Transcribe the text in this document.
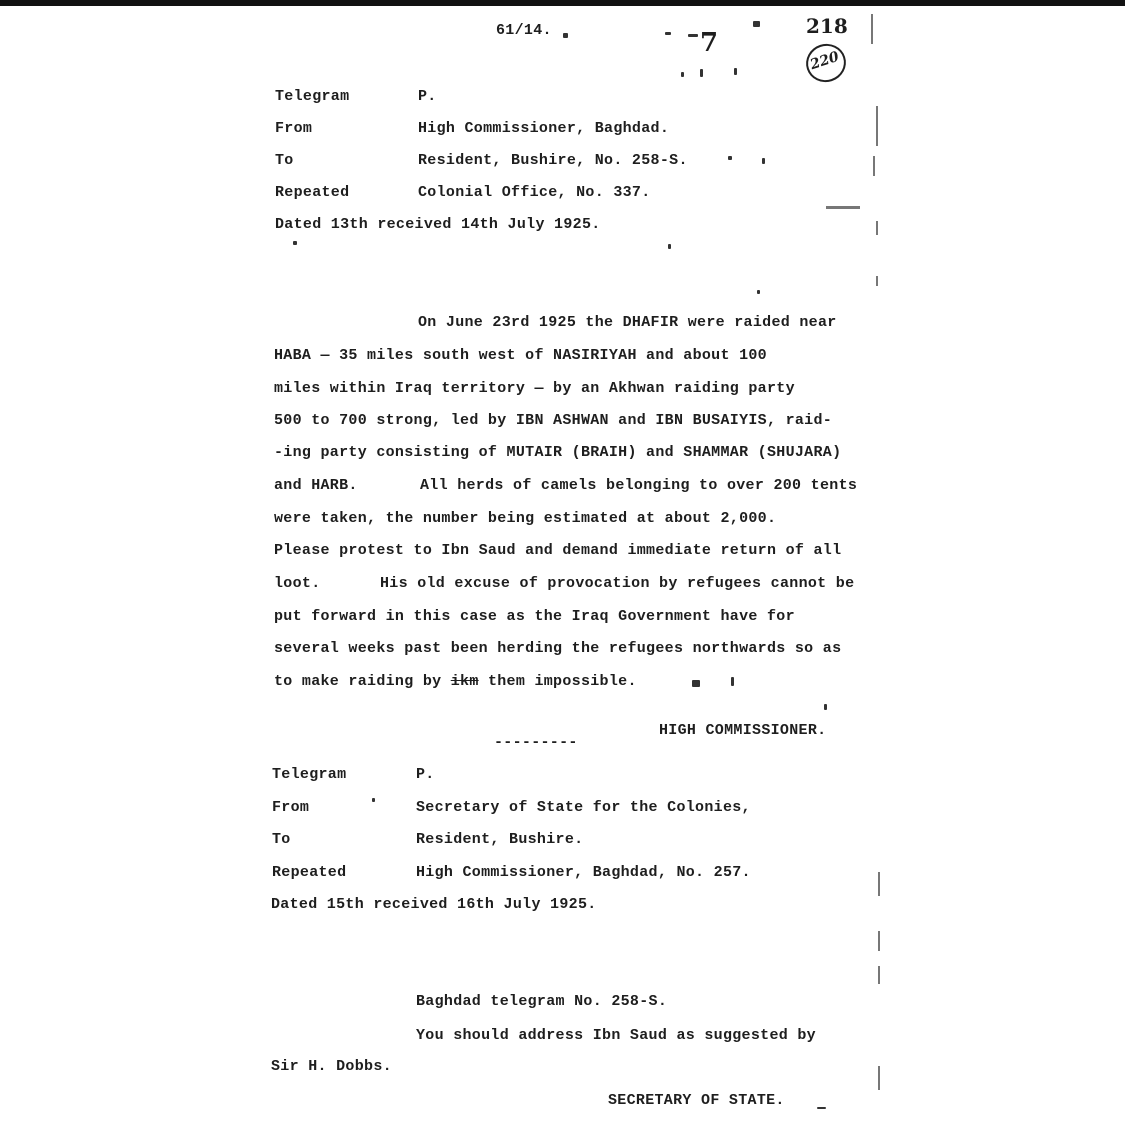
61/14.	7
218
220
Telegram	P.
From	High Commissioner, Baghdad.
To	Resident, Bushire, No. 258-S.
Repeated	Colonial Office, No. 337.
Dated 13th received 14th July 1925.
On June 23rd 1925 the DHAFIR were raided near
HABA — 35 miles south west of NASIRIYAH and about 100
miles within Iraq territory — by an Akhwan raiding party
500 to 700 strong, led by IBN ASHWAN and IBN BUSAIYIS, raid-
-ing party consisting of MUTAIR (BRAIH) and SHAMMAR (SHUJARA)
and HARB.	All herds of camels belonging to over 200 tents
were taken, the number being estimated at about 2,000.
Please protest to Ibn Saud and demand immediate return of all
loot.	His old excuse of provocation by refugees cannot be
put forward in this case as the Iraq Government have for
several weeks past been herding the refugees northwards so as
to make raiding by ikm them impossible.
HIGH COMMISSIONER.
---------
Telegram	P.
From	Secretary of State for the Colonies,
To	Resident, Bushire.
Repeated	High Commissioner, Baghdad, No. 257.
Dated 15th received 16th July 1925.
Baghdad telegram No. 258-S.
You should address Ibn Saud as suggested by
Sir H. Dobbs.
SECRETARY OF STATE.
